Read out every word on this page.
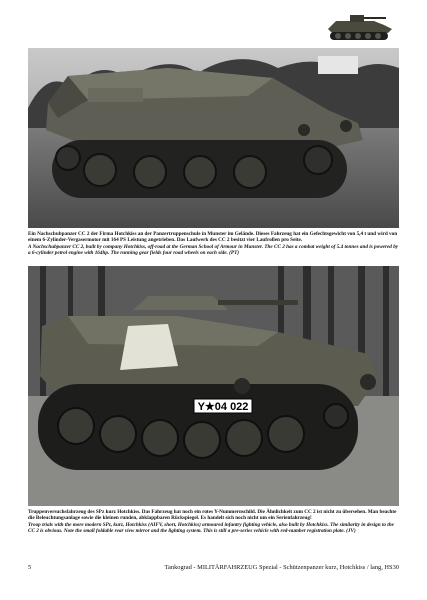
Ein Nachschubpanzer CC 2 der Firma Hotchkiss an der Panzertruppenschule in Munster im Gelände. Dieses Fahrzeug hat ein Gefechtsgewicht von 5,4 t und wird von einem 6-Zylinder-Vergasermotor mit 164 PS Leistung angetrieben. Das Laufwerk des CC 2 besitzt vier Laufrollen pro Seite.

A Nachschubpanzer CC 2, built by company Hotchkiss, off-road at the German School of Armour in Munster. The CC 2 has a combat weight of 5.4 tonnes and is powered by a 6-cylinder petrol engine with 164hp. The running gear fields four road wheels on each side. (PT)

Y★04 022

Truppenversuchsfahrzeug des SPz kurz Hotchkiss. Das Fahrzeug hat noch ein rotes Y-Nummernschild. Die Ähnlichkeit zum CC 2 ist nicht zu übersehen. Man beachte die Beleuchtungsanlage sowie die kleinen runden, abklappbaren Rückspiegel. Es handelt sich noch nicht um ein Serienfahrzeug!

Troop trials with the more modern SPz, kurz, Hotchkiss (AIFV, short, Hotchkiss) armoured infantry fighting vehicle, also built by Hotchkiss. The similarity in design to the CC 2 is obvious. Note the small foldable rear view mirror and the lighting system. This is still a pre-series vehicle with red-number registration plate. (JV)

5	Tankograd - MILITÄRFAHRZEUG Spezial - Schützenpanzer kurz, Hotchkiss / lang, HS30
